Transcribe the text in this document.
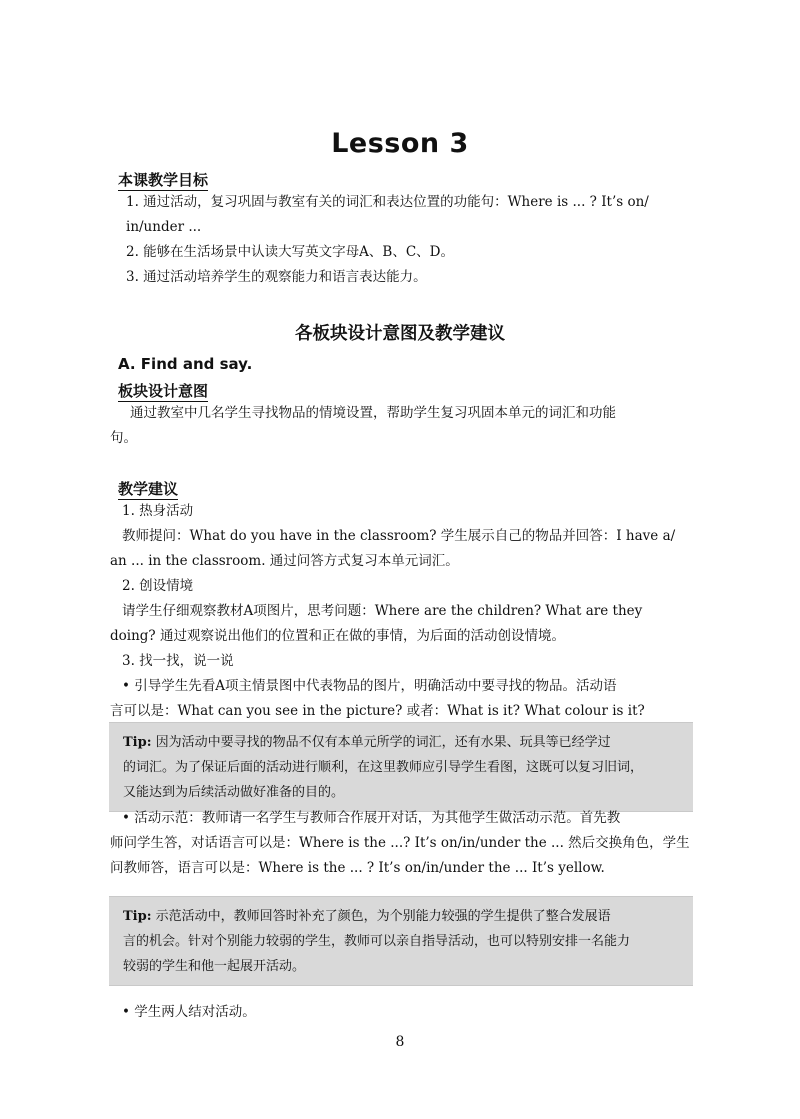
Lesson 3
本课教学目标
1. 通过活动，复习巩固与教室有关的词汇和表达位置的功能句：Where is ... ? It’s on/
in/under ...
2. 能够在生活场景中认读大写英文字母A、B、C、D。
3. 通过活动培养学生的观察能力和语言表达能力。
各板块设计意图及教学建议
A. Find and say.
板块设计意图
通过教室中几名学生寻找物品的情境设置，帮助学生复习巩固本单元的词汇和功能
句。
教学建议
1. 热身活动
教师提问：What do you have in the classroom? 学生展示自己的物品并回答：I have a/
an ... in the classroom. 通过问答方式复习本单元词汇。
2. 创设情境
请学生仔细观察教材A项图片，思考问题：Where are the children? What are they
doing? 通过观察说出他们的位置和正在做的事情，为后面的活动创设情境。
3. 找一找，说一说
• 引导学生先看A项主情景图中代表物品的图片，明确活动中要寻找的物品。活动语
言可以是：What can you see in the picture? 或者：What is it? What colour is it?
Tip: 因为活动中要寻找的物品不仅有本单元所学的词汇，还有水果、玩具等已经学过
的词汇。为了保证后面的活动进行顺利，在这里教师应引导学生看图，这既可以复习旧词，
又能达到为后续活动做好准备的目的。
• 活动示范：教师请一名学生与教师合作展开对话，为其他学生做活动示范。首先教
师问学生答，对话语言可以是：Where is the ...? It’s on/in/under the ... 然后交换角色，学生
问教师答，语言可以是：Where is the ... ? It’s on/in/under the ... It’s yellow.
Tip: 示范活动中，教师回答时补充了颜色，为个别能力较强的学生提供了整合发展语
言的机会。针对个别能力较弱的学生，教师可以亲自指导活动，也可以特别安排一名能力
较弱的学生和他一起展开活动。
• 学生两人结对活动。
8
